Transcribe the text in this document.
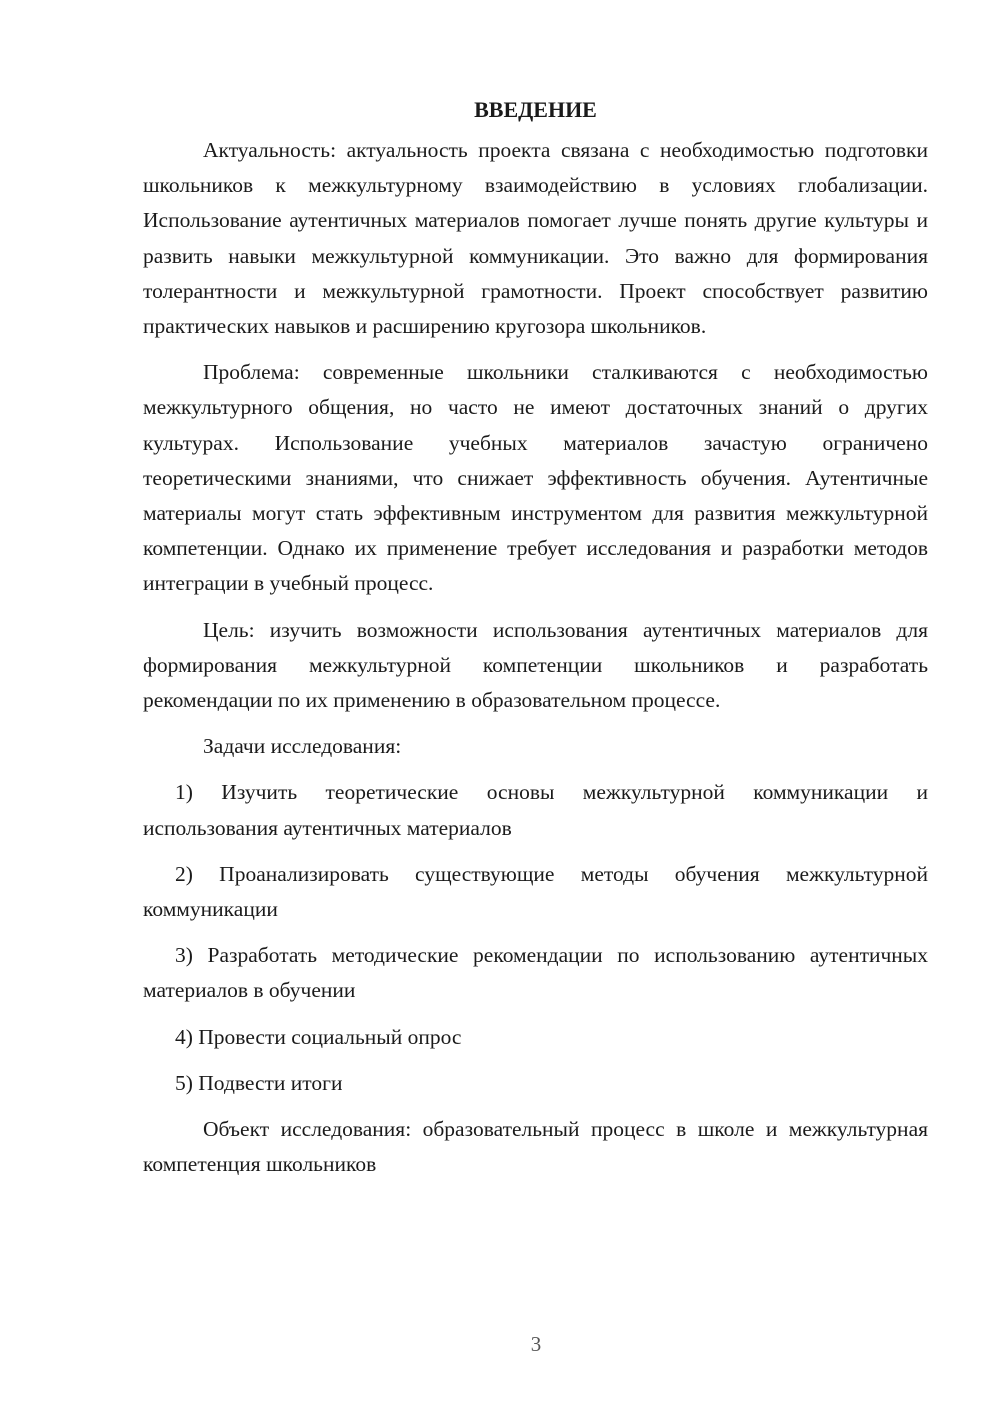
ВВЕДЕНИЕ

Актуальность: актуальность проекта связана с необходимостью подготовки школьников к межкультурному взаимодействию в условиях глобализации. Использование аутентичных материалов помогает лучше понять другие культуры и развить навыки межкультурной коммуникации. Это важно для формирования толерантности и межкультурной грамотности. Проект способствует развитию практических навыков и расширению кругозора школьников.

Проблема: современные школьники сталкиваются с необходимостью межкультурного общения, но часто не имеют достаточных знаний о других культурах. Использование учебных материалов зачастую ограничено теоретическими знаниями, что снижает эффективность обучения. Аутентичные материалы могут стать эффективным инструментом для развития межкультурной компетенции. Однако их применение требует исследования и разработки методов интеграции в учебный процесс.

Цель: изучить возможности использования аутентичных материалов для формирования межкультурной компетенции школьников и разработать рекомендации по их применению в образовательном процессе.

Задачи исследования:

1) Изучить теоретические основы межкультурной коммуникации и использования аутентичных материалов

2) Проанализировать существующие методы обучения межкультурной коммуникации

3) Разработать методические рекомендации по использованию аутентичных материалов в обучении

4) Провести социальный опрос

5) Подвести итоги

Объект исследования: образовательный процесс в школе и межкультурная компетенция школьников

3
